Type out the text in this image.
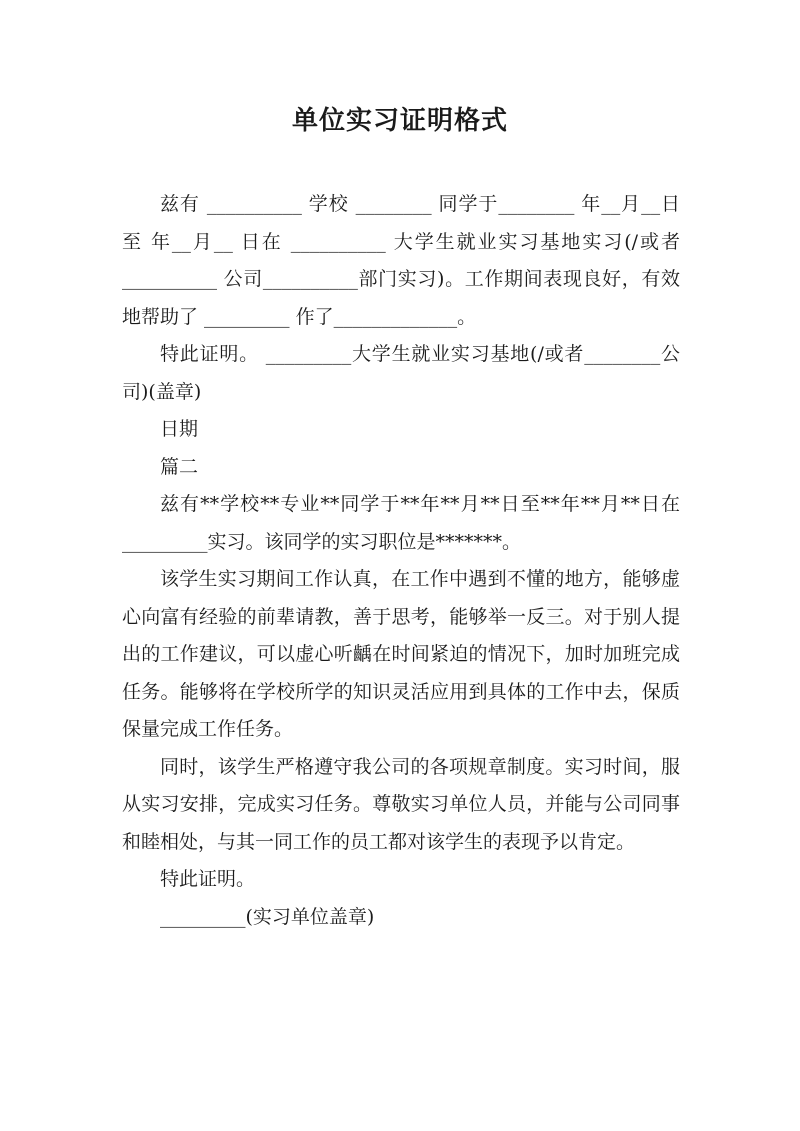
单位实习证明格式

兹有 __________ 学校 ________ 同学于________ 年__月__日至 年__月__ 日在 __________ 大学生就业实习基地实习(/或者__________ 公司__________部门实习)。工作期间表现良好，有效地帮助了 _________ 作了_____________。

特此证明。 _________大学生就业实习基地(/或者________公司)(盖章)

日期

篇二

兹有**学校**专业**同学于**年**月**日至**年**月**日在_________实习。该同学的实习职位是*******。

该学生实习期间工作认真，在工作中遇到不懂的地方，能够虚心向富有经验的前辈请教，善于思考，能够举一反三。对于别人提出的工作建议，可以虚心听齲在时间紧迫的情况下，加时加班完成任务。能够将在学校所学的知识灵活应用到具体的工作中去，保质保量完成工作任务。

同时，该学生严格遵守我公司的各项规章制度。实习时间，服从实习安排，完成实习任务。尊敬实习单位人员，并能与公司同事和睦相处，与其一同工作的员工都对该学生的表现予以肯定。

特此证明。

_________(实习单位盖章)
